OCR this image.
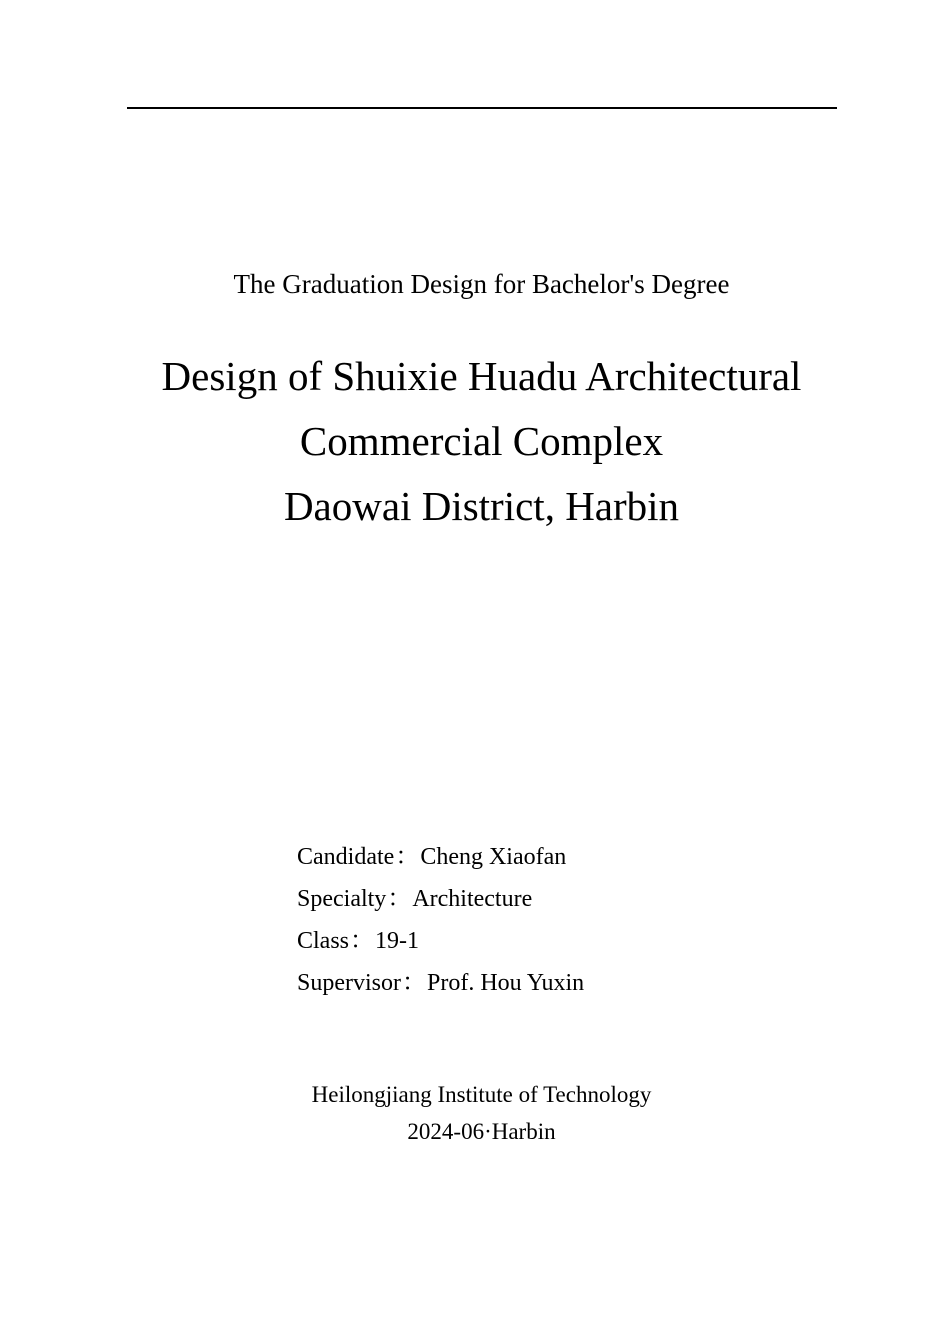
The Graduation Design for Bachelor's Degree
Design of Shuixie Huadu Architectural
Commercial Complex
Daowai District, Harbin
Candidate：Cheng Xiaofan
Specialty：Architecture
Class：19-1
Supervisor：Prof. Hou Yuxin
Heilongjiang Institute of Technology
2024-06·Harbin
